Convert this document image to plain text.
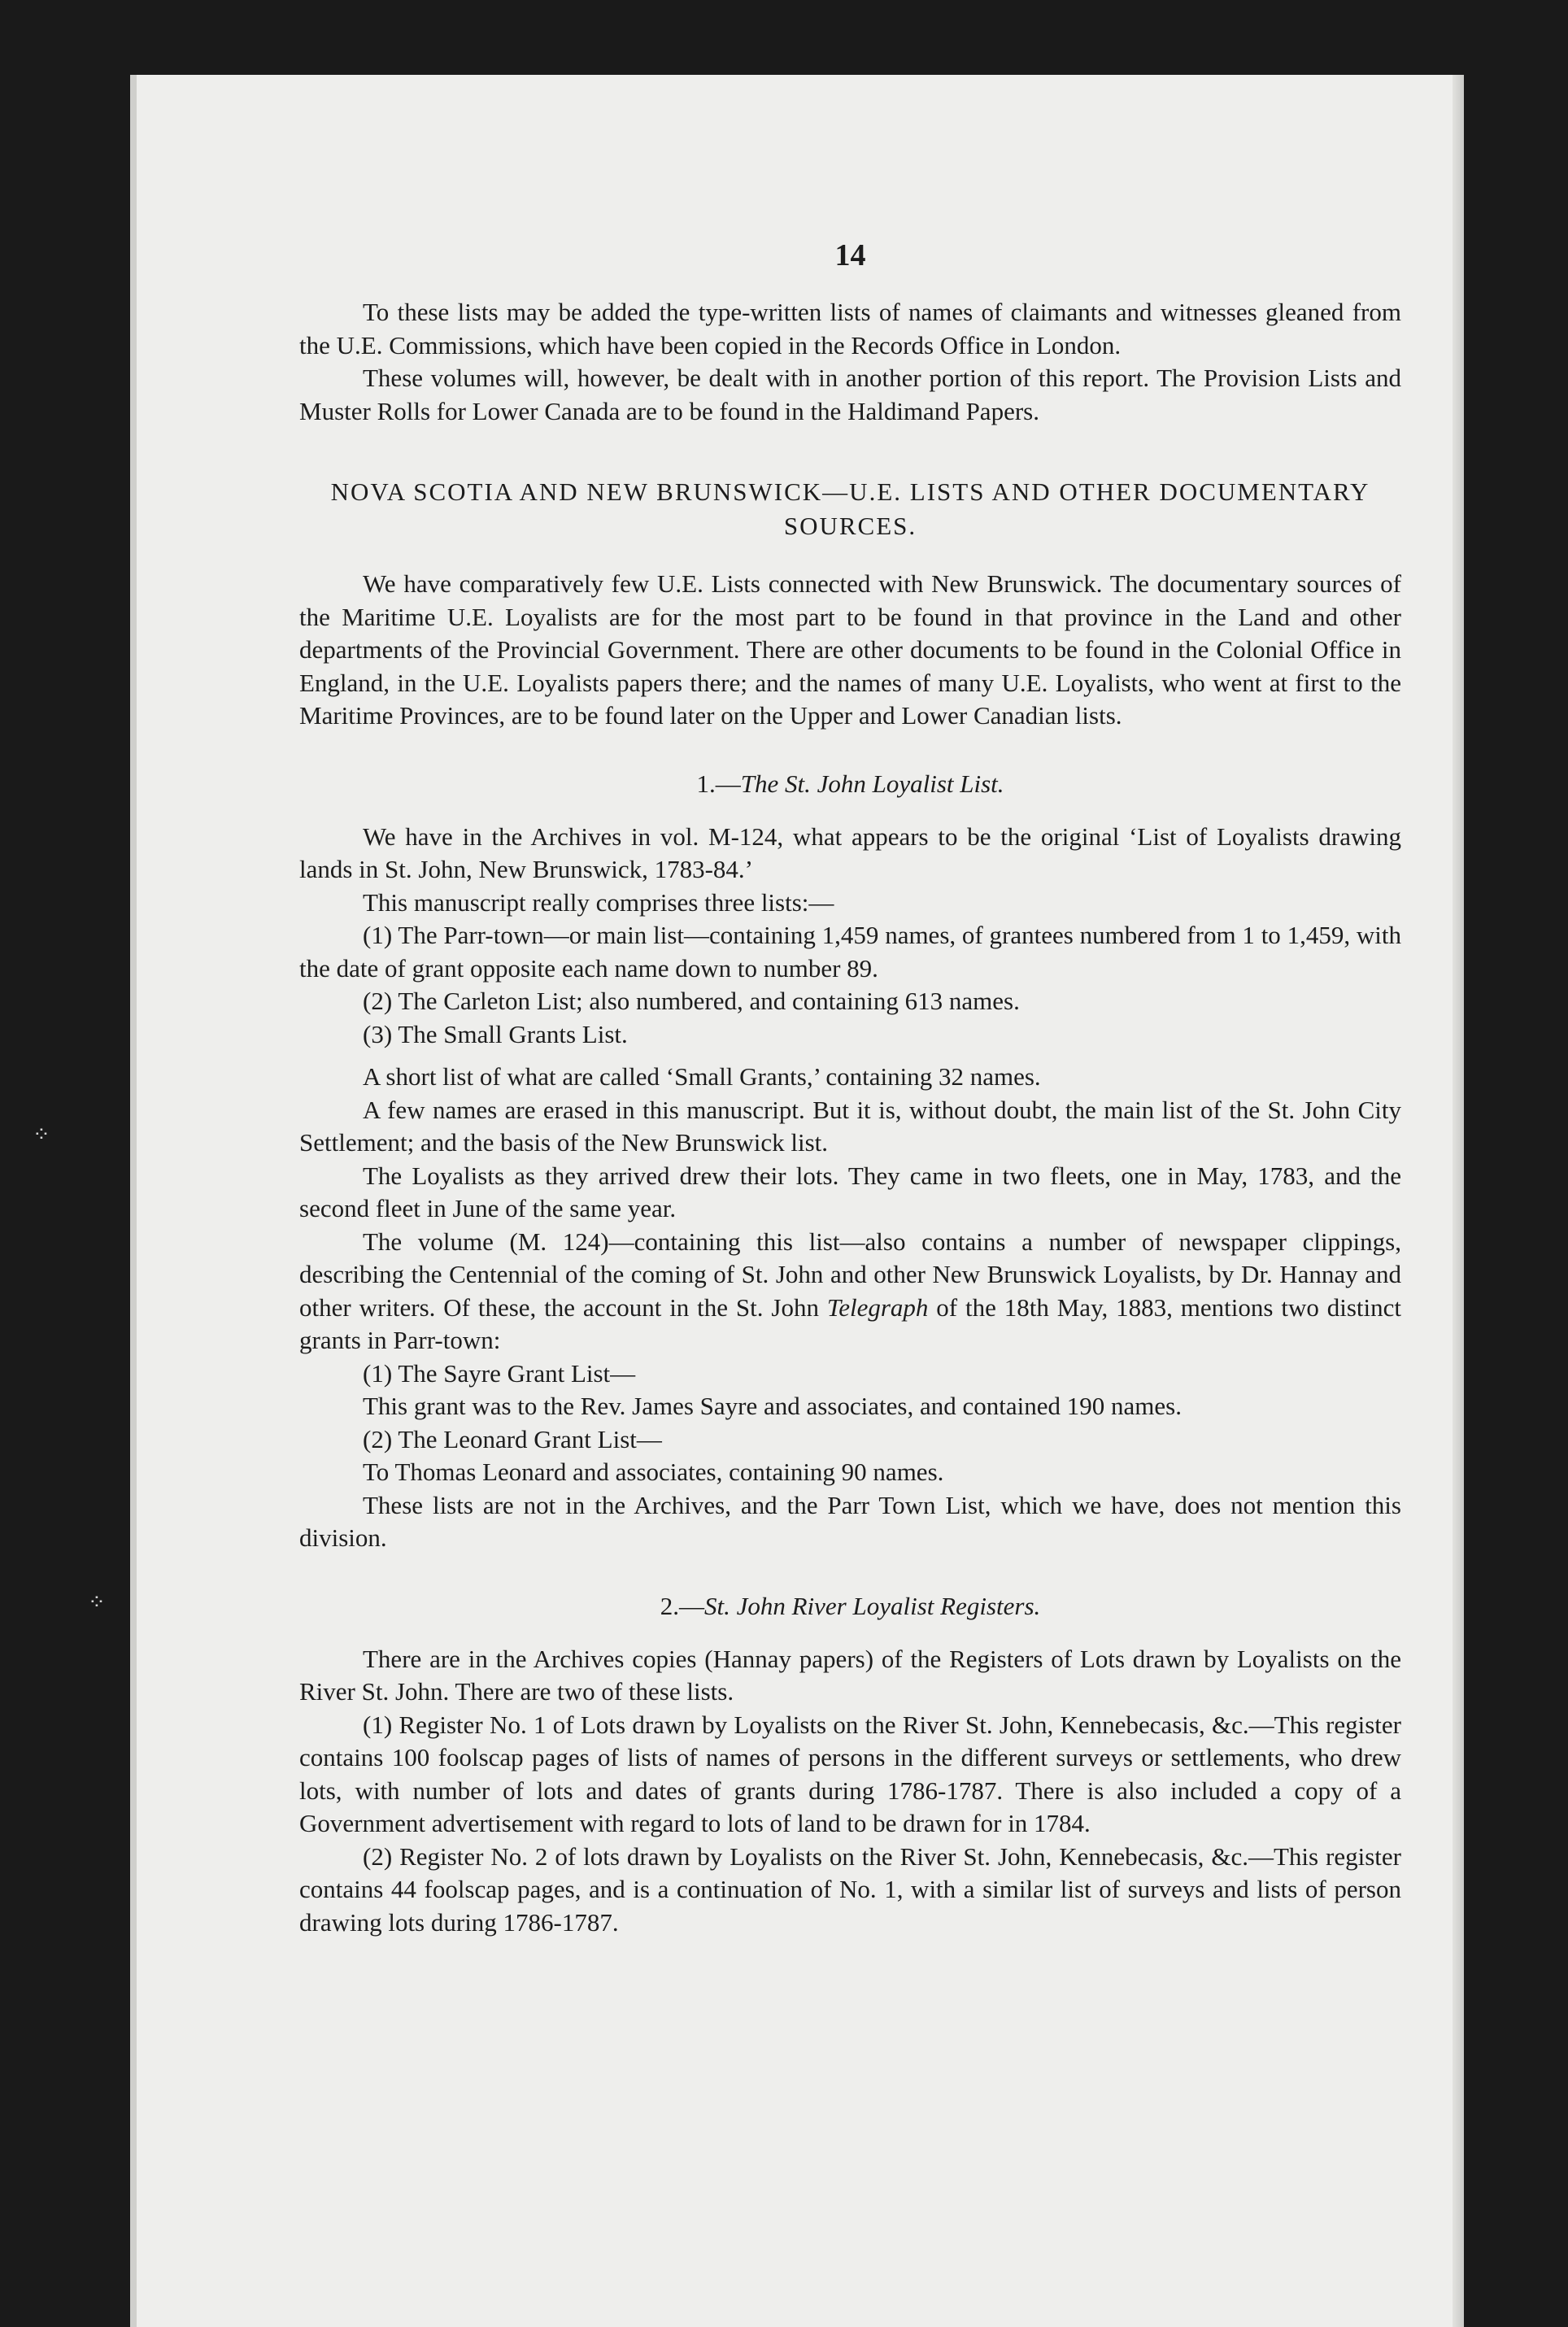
14

To these lists may be added the type-written lists of names of claimants and witnesses gleaned from the U.E. Commissions, which have been copied in the Records Office in London.

These volumes will, however, be dealt with in another portion of this report. The Provision Lists and Muster Rolls for Lower Canada are to be found in the Haldimand Papers.

NOVA SCOTIA AND NEW BRUNSWICK—U.E. LISTS AND OTHER DOCUMENTARY SOURCES.

We have comparatively few U.E. Lists connected with New Brunswick. The documentary sources of the Maritime U.E. Loyalists are for the most part to be found in that province in the Land and other departments of the Provincial Government. There are other documents to be found in the Colonial Office in England, in the U.E. Loyalists papers there; and the names of many U.E. Loyalists, who went at first to the Maritime Provinces, are to be found later on the Upper and Lower Canadian lists.

1.—The St. John Loyalist List.

We have in the Archives in vol. M-124, what appears to be the original ‘List of Loyalists drawing lands in St. John, New Brunswick, 1783-84.’

This manuscript really comprises three lists:—

(1) The Parr-town—or main list—containing 1,459 names, of grantees numbered from 1 to 1,459, with the date of grant opposite each name down to number 89.

(2) The Carleton List; also numbered, and containing 613 names.

(3) The Small Grants List.

A short list of what are called ‘Small Grants,’ containing 32 names.

A few names are erased in this manuscript. But it is, without doubt, the main list of the St. John City Settlement; and the basis of the New Brunswick list.

The Loyalists as they arrived drew their lots. They came in two fleets, one in May, 1783, and the second fleet in June of the same year.

The volume (M. 124)—containing this list—also contains a number of newspaper clippings, describing the Centennial of the coming of St. John and other New Brunswick Loyalists, by Dr. Hannay and other writers. Of these, the account in the St. John Telegraph of the 18th May, 1883, mentions two distinct grants in Parr-town:

(1) The Sayre Grant List—

This grant was to the Rev. James Sayre and associates, and contained 190 names.

(2) The Leonard Grant List—

To Thomas Leonard and associates, containing 90 names.

These lists are not in the Archives, and the Parr Town List, which we have, does not mention this division.

2.—St. John River Loyalist Registers.

There are in the Archives copies (Hannay papers) of the Registers of Lots drawn by Loyalists on the River St. John. There are two of these lists.

(1) Register No. 1 of Lots drawn by Loyalists on the River St. John, Kennebecasis, &c.—This register contains 100 foolscap pages of lists of names of persons in the different surveys or settlements, who drew lots, with number of lots and dates of grants during 1786-1787. There is also included a copy of a Government advertisement with regard to lots of land to be drawn for in 1784.

(2) Register No. 2 of lots drawn by Loyalists on the River St. John, Kennebecasis, &c.—This register contains 44 foolscap pages, and is a continuation of No. 1, with a similar list of surveys and lists of person drawing lots during 1786-1787.

⁘
⁘
